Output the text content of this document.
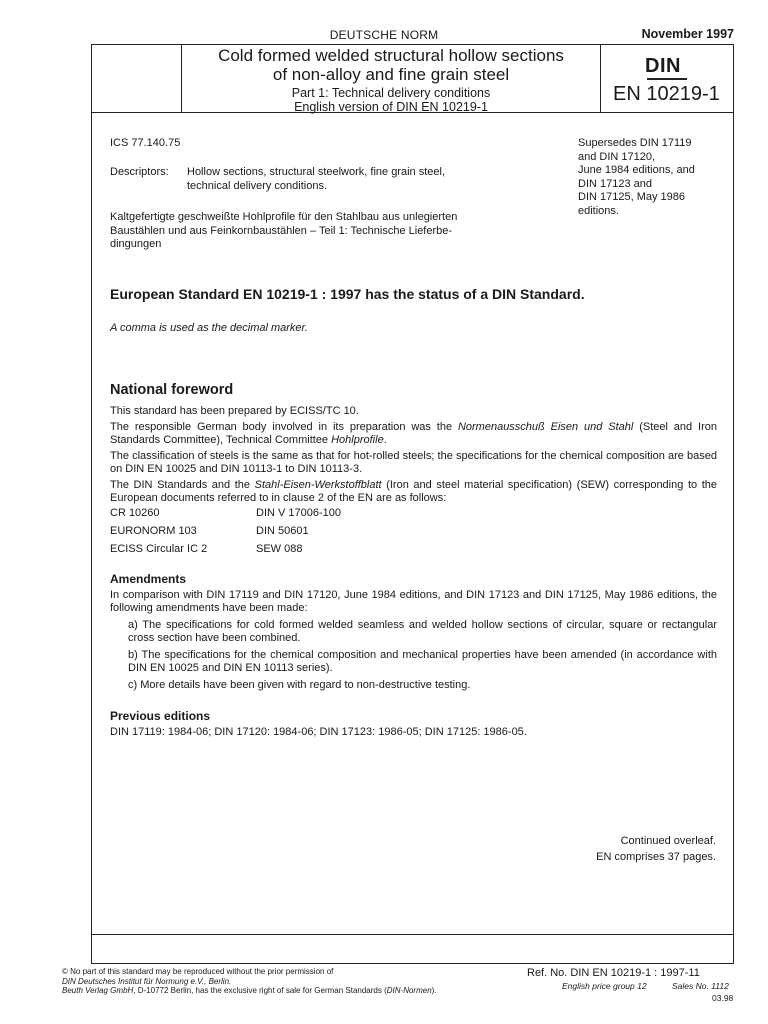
DEUTSCHE NORM	November 1997
Cold formed welded structural hollow sections
of non-alloy and fine grain steel
Part 1: Technical delivery conditions
English version of DIN EN 10219-1
DIN
EN 10219-1
ICS 77.140.75	Supersedes DIN 17119
and DIN 17120,
June 1984 editions, and
DIN 17123 and
DIN 17125, May 1986
editions.
Descriptors: Hollow sections, structural steelwork, fine grain steel,
technical delivery conditions.
Kaltgefertigte geschweißte Hohlprofile für den Stahlbau aus unlegierten
Baustählen und aus Feinkornbaustählen – Teil 1: Technische Lieferbe-
dingungen
European Standard EN 10219-1 : 1997 has the status of a DIN Standard.
A comma is used as the decimal marker.
National foreword
This standard has been prepared by ECISS/TC 10.
The responsible German body involved in its preparation was the Normenausschuß Eisen und Stahl (Steel and Iron Standards Committee), Technical Committee Hohlprofile.
The classification of steels is the same as that for hot-rolled steels; the specifications for the chemical composition are based on DIN EN 10025 and DIN 10113-1 to DIN 10113-3.
The DIN Standards and the Stahl-Eisen-Werkstoffblatt (Iron and steel material specification) (SEW) corresponding to the European documents referred to in clause 2 of the EN are as follows:
CR 10260	DIN V 17006-100
EURONORM 103	DIN 50601
ECISS Circular IC 2	SEW 088
Amendments
In comparison with DIN 17119 and DIN 17120, June 1984 editions, and DIN 17123 and DIN 17125, May 1986 editions, the following amendments have been made:
a) The specifications for cold formed welded seamless and welded hollow sections of circular, square or rectangular cross section have been combined.
b) The specifications for the chemical composition and mechanical properties have been amended (in accordance with DIN EN 10025 and DIN EN 10113 series).
c) More details have been given with regard to non-destructive testing.
Previous editions
DIN 17119: 1984-06; DIN 17120: 1984-06; DIN 17123: 1986-05; DIN 17125: 1986-05.
Continued overleaf.
EN comprises 37 pages.
© No part of this standard may be reproduced without the prior permission of
DIN Deutsches Institut für Normung e.V., Berlin.
Beuth Verlag GmbH, D-10772 Berlin, has the exclusive right of sale for German Standards (DIN-Normen).
Ref. No. DIN EN 10219-1 : 1997-11
English price group 12	Sales No. 1112
03.98
